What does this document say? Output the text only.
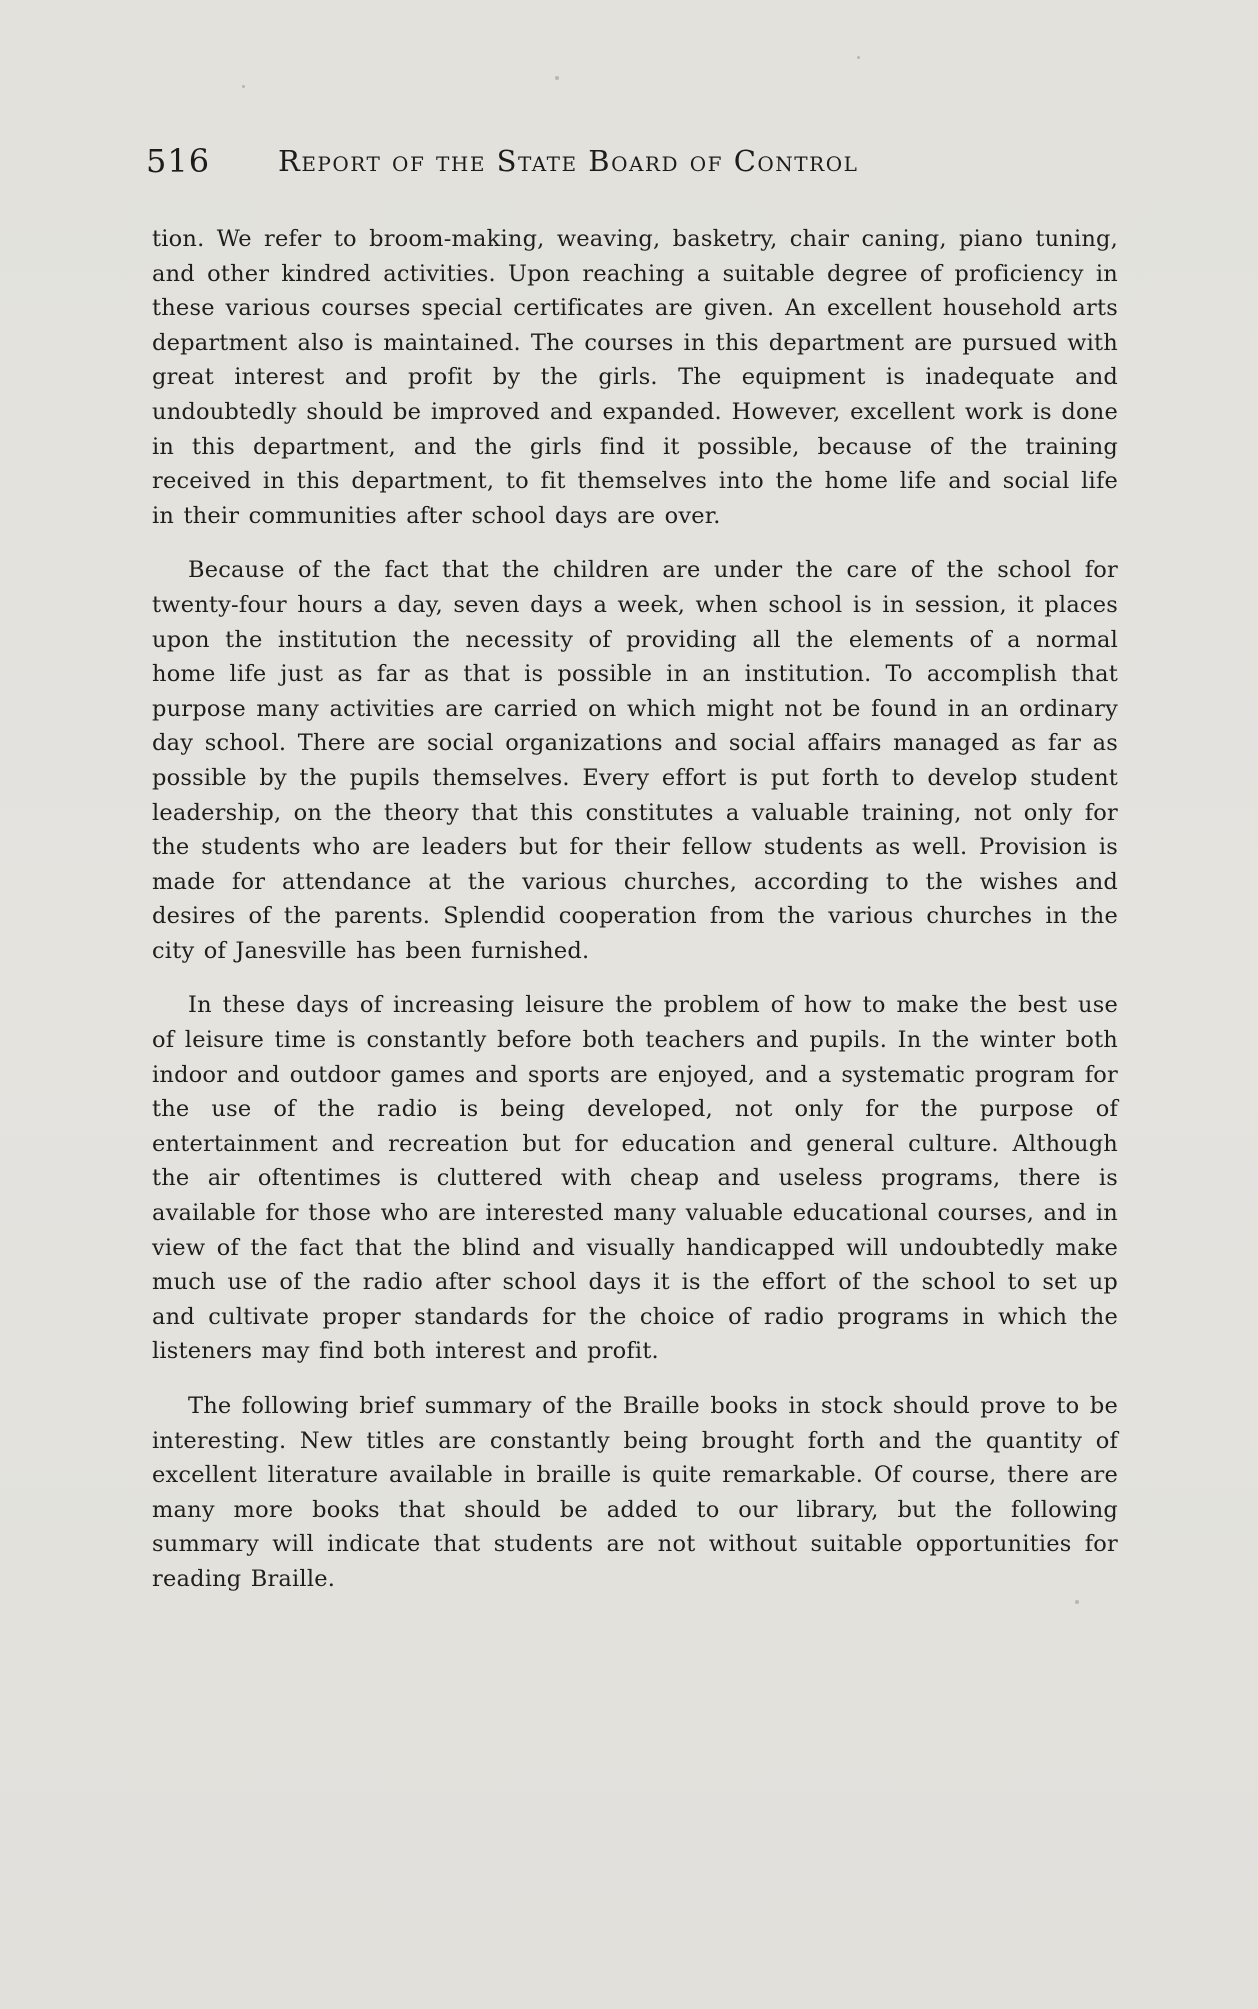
516 Report of the State Board of Control

tion. We refer to broom-making, weaving, basketry, chair caning, piano tuning, and other kindred activities. Upon reaching a suitable degree of proficiency in these various courses special certificates are given. An excellent household arts department also is maintained. The courses in this department are pursued with great interest and profit by the girls. The equipment is inadequate and undoubtedly should be improved and expanded. However, excellent work is done in this department, and the girls find it possible, because of the training received in this department, to fit themselves into the home life and social life in their communities after school days are over.

Because of the fact that the children are under the care of the school for twenty-four hours a day, seven days a week, when school is in session, it places upon the institution the necessity of providing all the elements of a normal home life just as far as that is possible in an institution. To accomplish that purpose many activities are carried on which might not be found in an ordinary day school. There are social organizations and social affairs managed as far as possible by the pupils themselves. Every effort is put forth to develop student leadership, on the theory that this constitutes a valuable training, not only for the students who are leaders but for their fellow students as well. Provision is made for attendance at the various churches, according to the wishes and desires of the parents. Splendid cooperation from the various churches in the city of Janesville has been furnished.

In these days of increasing leisure the problem of how to make the best use of leisure time is constantly before both teachers and pupils. In the winter both indoor and outdoor games and sports are enjoyed, and a systematic program for the use of the radio is being developed, not only for the purpose of entertainment and recreation but for education and general culture. Although the air oftentimes is cluttered with cheap and useless programs, there is available for those who are interested many valuable educational courses, and in view of the fact that the blind and visually handicapped will undoubtedly make much use of the radio after school days it is the effort of the school to set up and cultivate proper standards for the choice of radio programs in which the listeners may find both interest and profit.

The following brief summary of the Braille books in stock should prove to be interesting. New titles are constantly being brought forth and the quantity of excellent literature available in braille is quite remarkable. Of course, there are many more books that should be added to our library, but the following summary will indicate that students are not without suitable opportunities for reading Braille.
